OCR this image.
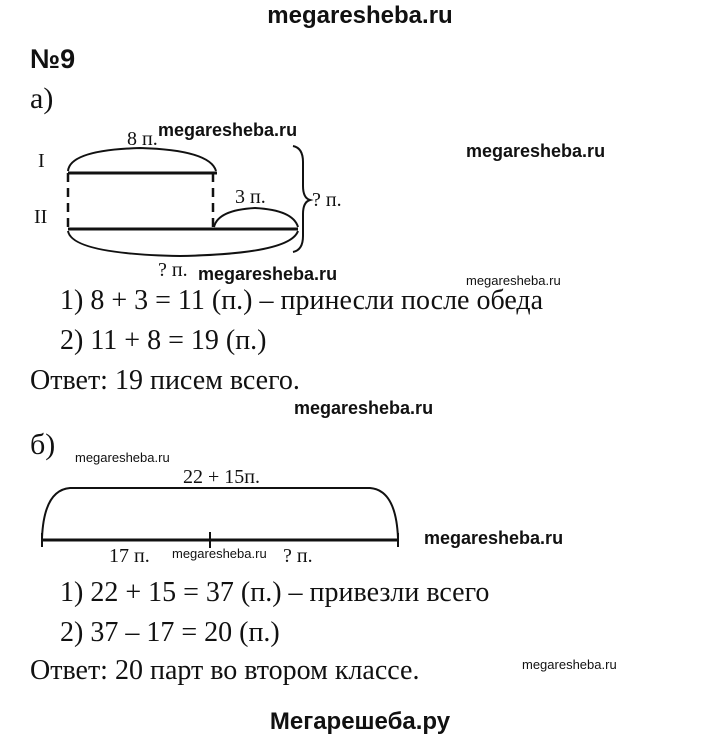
megaresheba.ru
№9
а)
I
II
8 п.
3 п. ? п.
? п.
1) 8 + 3 = 11 (п.) – принесли после обеда
2) 11 + 8 = 19 (п.)
Ответ: 19 писем всего.
б)
22 + 15п.
17 п.	? п.
1) 22 + 15 = 37 (п.) – привезли всего
2) 37 – 17 = 20 (п.)
Ответ: 20 парт во втором классе.
megaresheba.ru
megaresheba.ru
megaresheba.ru	megaresheba.ru
megaresheba.ru
megaresheba.ru
megaresheba.ru
megaresheba.ru
megaresheba.ru
Мегарешеба.ру
